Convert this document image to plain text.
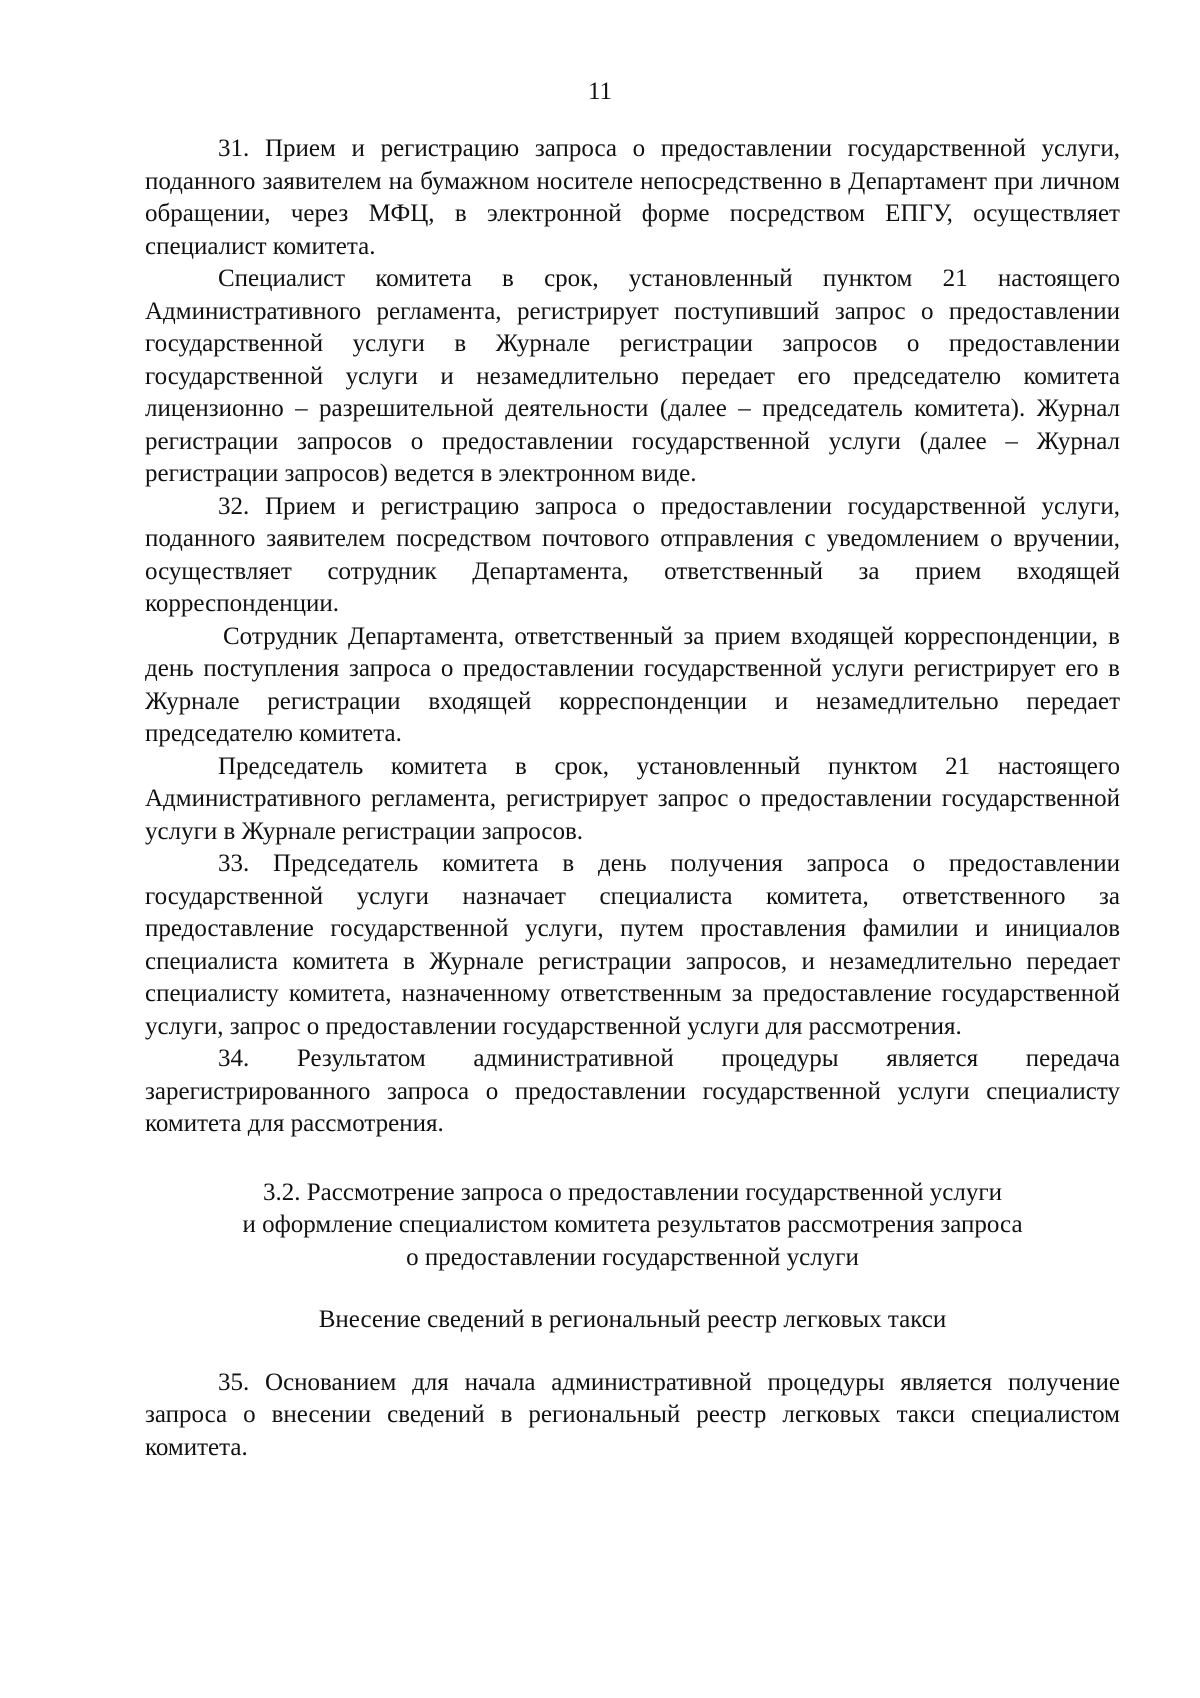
11

31. Прием и регистрацию запроса о предоставлении государственной услуги, поданного заявителем на бумажном носителе непосредственно в Департамент при личном обращении, через МФЦ, в электронной форме посредством ЕПГУ, осуществляет специалист комитета.

Специалист комитета в срок, установленный пунктом 21 настоящего Административного регламента, регистрирует поступивший запрос о предоставлении государственной услуги в Журнале регистрации запросов о предоставлении государственной услуги и незамедлительно передает его председателю комитета лицензионно – разрешительной деятельности (далее – председатель комитета). Журнал регистрации запросов о предоставлении государственной услуги (далее – Журнал регистрации запросов) ведется в электронном виде.

32. Прием и регистрацию запроса о предоставлении государственной услуги, поданного заявителем посредством почтового отправления с уведомлением о вручении, осуществляет сотрудник Департамента, ответственный за прием входящей корреспонденции.

Сотрудник Департамента, ответственный за прием входящей корреспонденции, в день поступления запроса о предоставлении государственной услуги регистрирует его в Журнале регистрации входящей корреспонденции и незамедлительно передает председателю комитета.

Председатель комитета в срок, установленный пунктом 21 настоящего Административного регламента, регистрирует запрос о предоставлении государственной услуги в Журнале регистрации запросов.

33. Председатель комитета в день получения запроса о предоставлении государственной услуги назначает специалиста комитета, ответственного за предоставление государственной услуги, путем проставления фамилии и инициалов специалиста комитета в Журнале регистрации запросов, и незамедлительно передает специалисту комитета, назначенному ответственным за предоставление государственной услуги, запрос о предоставлении государственной услуги для рассмотрения.

34. Результатом административной процедуры является передача зарегистрированного запроса о предоставлении государственной услуги специалисту комитета для рассмотрения.

3.2. Рассмотрение запроса о предоставлении государственной услуги
и оформление специалистом комитета результатов рассмотрения запроса
о предоставлении государственной услуги
Внесение сведений в региональный реестр легковых такси

35. Основанием для начала административной процедуры является получение запроса о внесении сведений в региональный реестр легковых такси специалистом комитета.
